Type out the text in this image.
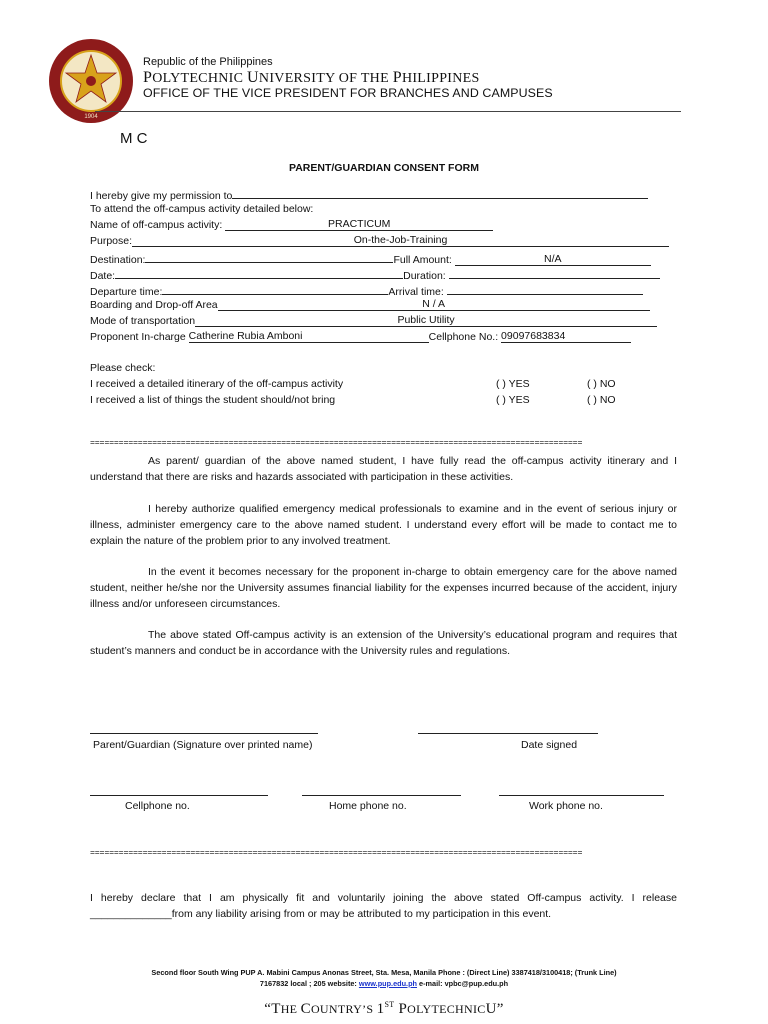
1904
Republic of the Philippines
POLYTECHNIC UNIVERSITY OF THE PHILIPPINES
OFFICE OF THE VICE PRESIDENT FOR BRANCHES AND CAMPUSES
M C
PARENT/GUARDIAN CONSENT FORM
I hereby give my permission to
To attend the off-campus activity detailed below:
Name of off-campus activity:	PRACTICUM
Purpose:	On-the-Job-Training
Destination:	Full Amount:	N/A
Date:	Duration:
Departure time:	Arrival time:
Boarding and Drop-off Area	N / A
Mode of transportation	Public Utility
Proponent In-charge Catherine Rubia Amboni	Cellphone No.: 09097683834
Please check:
I received a detailed itinerary of the off-campus activity	( ) YES	( ) NO
I received a list of things the student should/not bring	( ) YES	( ) NO
=======================================================================================================
As parent/ guardian of the above named student, I have fully read the off-campus activity itinerary and I understand that there are risks and hazards associated with participation in these activities.
I hereby authorize qualified emergency medical professionals to examine and in the event of serious injury or illness, administer emergency care to the above named student. I understand every effort will be made to contact me to explain the nature of the problem prior to any involved treatment.
In the event it becomes necessary for the proponent in-charge to obtain emergency care for the above named student, neither he/she nor the University assumes financial liability for the expenses incurred because of the accident, injury illness and/or unforeseen circumstances.
The above stated Off-campus activity is an extension of the University’s educational program and requires that student’s manners and conduct be in accordance with the University rules and regulations.
Parent/Guardian (Signature over printed name)	Date signed
Cellphone no.	Home phone no.	Work phone no.
=======================================================================================================
I hereby declare that I am physically fit and voluntarily joining the above stated Off-campus activity. I release ______________from any liability arising from or may be attributed to my participation in this event.
Second floor South Wing PUP A. Mabini Campus Anonas Street, Sta. Mesa, Manila Phone : (Direct Line) 3387418/3100418; (Trunk Line)
7167832 local ; 205 website: www.pup.edu.ph e-mail: vpbc@pup.edu.ph
“THE COUNTRY’S 1ST POLYTECHNICU”
